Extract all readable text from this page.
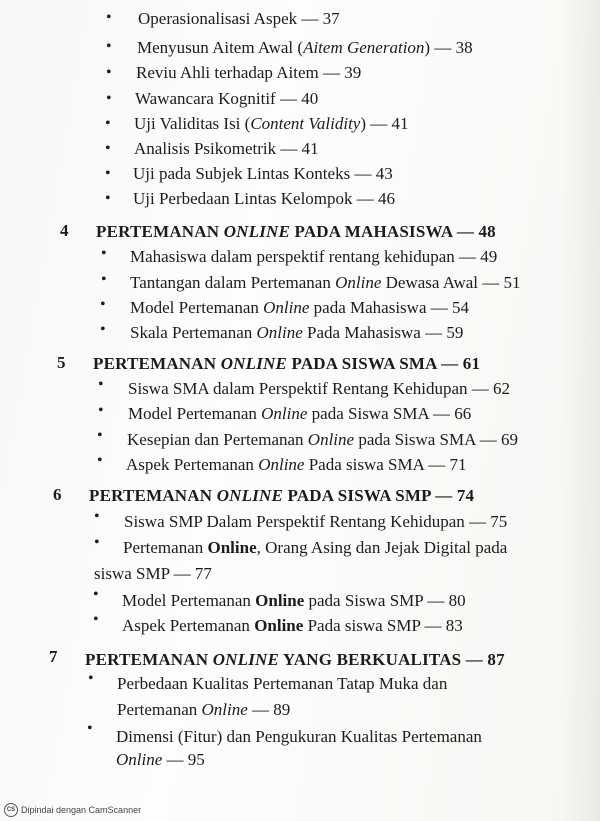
• Operasionalisasi Aspek — 37
• Menyusun Aitem Awal (Aitem Generation) — 38
• Reviu Ahli terhadap Aitem — 39
• Wawancara Kognitif — 40
• Uji Validitas Isi (Content Validity) — 41
• Analisis Psikometrik — 41
• Uji pada Subjek Lintas Konteks — 43
• Uji Perbedaan Lintas Kelompok — 46
4 PERTEMANAN ONLINE PADA MAHASISWA — 48
• Mahasiswa dalam perspektif rentang kehidupan — 49
• Tantangan dalam Pertemanan Online Dewasa Awal — 51
• Model Pertemanan Online pada Mahasiswa — 54
• Skala Pertemanan Online Pada Mahasiswa — 59
5 PERTEMANAN ONLINE PADA SISWA SMA — 61
• Siswa SMA dalam Perspektif Rentang Kehidupan — 62
• Model Pertemanan Online pada Siswa SMA — 66
• Kesepian dan Pertemanan Online pada Siswa SMA — 69
• Aspek Pertemanan Online Pada siswa SMA — 71
6 PERTEMANAN ONLINE PADA SISWA SMP — 74
• Siswa SMP Dalam Perspektif Rentang Kehidupan — 75
• Pertemanan Online, Orang Asing dan Jejak Digital pada
siswa SMP — 77
• Model Pertemanan Online pada Siswa SMP — 80
• Aspek Pertemanan Online Pada siswa SMP — 83
7 PERTEMANAN ONLINE YANG BERKUALITAS — 87
• Perbedaan Kualitas Pertemanan Tatap Muka dan
Pertemanan Online — 89
• Dimensi (Fitur) dan Pengukuran Kualitas Pertemanan
Online — 95
CS Dipindai dengan CamScanner
